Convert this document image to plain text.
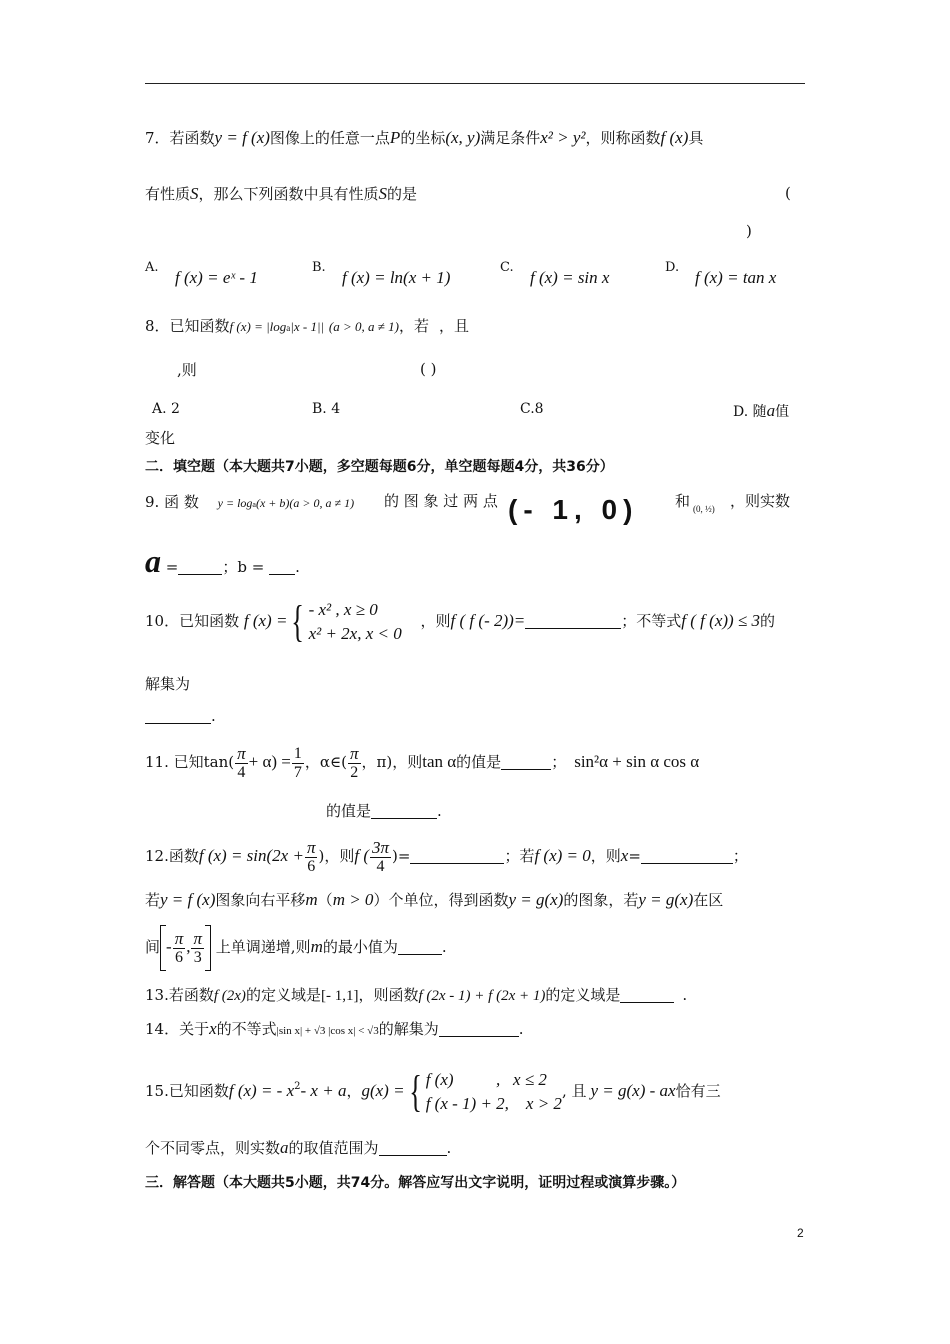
7．若函数y = f (x)图像上的任意一点P的坐标(x, y)满足条件x² > y²，则称函数f (x)具
有性质S，那么下列函数中具有性质S的是	(
)
A.
f (x) = eˣ - 1
B.
f (x) = ln(x + 1)
C.
f (x) = sin x
D.
f (x) = tan x
8．已知函数f (x) = |loga|x - 1|| (a > 0, a ≠ 1)，若 ，且
,则	( )
A. 2	B. 4	C.8	D. 随a值
变化
二．填空题（本大题共7小题，多空题每题6分，单空题每题4分，共36分）
9. 函 数 y = loga(x + b)(a > 0, a ≠ 1)	的 图 象 过 两 点 (- 1, 0) 和 (0, ½) ，则实数
a =	；b = .
10．已知函数 f (x) ={ - x² , x ≥ 0
x² + 2x, x < 0
，则f ( f (- 2))=	；不等式f ( f (x)) ≤ 3的
解集为
.
11. 已知$\tan( \frac{\pi}{4} + \alpha) = \frac{1}{7}$ ，α∈( $\frac{\pi}{2}$ ，π)，则tan α的值是	； sin²α + sin α cos α
的值是	.
12.函数f $(x) = \sin(2x + \frac{\pi}{6}$ )，则f ( $\frac{3\pi}{4}$ )=	；若f (x) = 0，则x=	；
若y = f (x)图象向右平移m（m > 0）个单位，得到函数y = g(x)的图象，若y = g(x)在区
间 - $\frac{\pi}{6}$ , $\frac{\pi}{3}$ 上单调递增,则m的最小值为	.
13.若函数f (2x)的定义域是[- 1,1]，则函数f (2x - 1) + f (2x + 1)的定义域是	.
14．关于x的不等式|sin x| + √3 |cos x| < √3的解集为	.
15.已知函数f (x) = - $x^2-$ x + a，g(x) ={ f (x)          ,   x ≤ 2
f (x - 1) + 2,    x > 2
, 且 y = g(x) - ax恰有三
个不同零点，则实数a的取值范围为	.
三．解答题（本大题共5小题，共74分。解答应写出文字说明，证明过程或演算步骤。）
2
